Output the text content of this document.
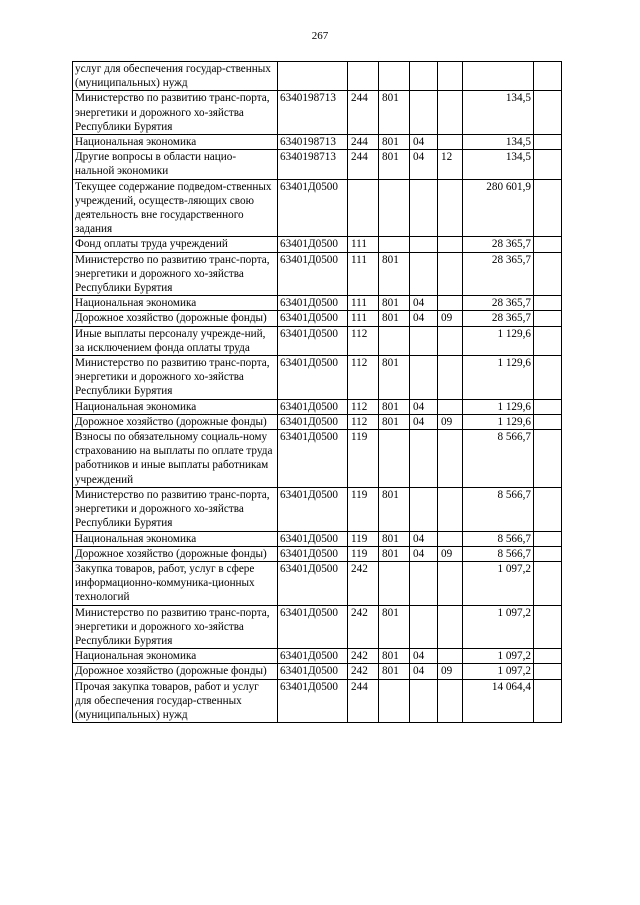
267
услуг для обеспечения государ-ственных (муниципальных) нужд							
Министерство по развитию транс-порта, энергетики и дорожного хо-зяйства Республики Бурятия	6340198713	244	801			134,5	
Национальная экономика	6340198713	244	801	04		134,5	
Другие вопросы в области нацио-нальной экономики	6340198713	244	801	04	12	134,5	
Текущее содержание подведом-ственных учреждений, осуществ-ляющих свою деятельность вне государственного задания	63401Д0500					280 601,9	
Фонд оплаты труда учреждений	63401Д0500	111				28 365,7	
Министерство по развитию транс-порта, энергетики и дорожного хо-зяйства Республики Бурятия	63401Д0500	111	801			28 365,7	
Национальная экономика	63401Д0500	111	801	04		28 365,7	
Дорожное хозяйство (дорожные фонды)	63401Д0500	111	801	04	09	28 365,7	
Иные выплаты персоналу учрежде-ний, за исключением фонда оплаты труда	63401Д0500	112				1 129,6	
Министерство по развитию транс-порта, энергетики и дорожного хо-зяйства Республики Бурятия	63401Д0500	112	801			1 129,6	
Национальная экономика	63401Д0500	112	801	04		1 129,6	
Дорожное хозяйство (дорожные фонды)	63401Д0500	112	801	04	09	1 129,6	
Взносы по обязательному социаль-ному страхованию на выплаты по оплате труда работников и иные выплаты работникам учреждений	63401Д0500	119				8 566,7	
Министерство по развитию транс-порта, энергетики и дорожного хо-зяйства Республики Бурятия	63401Д0500	119	801			8 566,7	
Национальная экономика	63401Д0500	119	801	04		8 566,7	
Дорожное хозяйство (дорожные фонды)	63401Д0500	119	801	04	09	8 566,7	
Закупка товаров, работ, услуг в сфере информационно-коммуника-ционных технологий	63401Д0500	242				1 097,2	
Министерство по развитию транс-порта, энергетики и дорожного хо-зяйства Республики Бурятия	63401Д0500	242	801			1 097,2	
Национальная экономика	63401Д0500	242	801	04		1 097,2	
Дорожное хозяйство (дорожные фонды)	63401Д0500	242	801	04	09	1 097,2	
Прочая закупка товаров, работ и услуг для обеспечения государ-ственных (муниципальных) нужд	63401Д0500	244				14 064,4	
